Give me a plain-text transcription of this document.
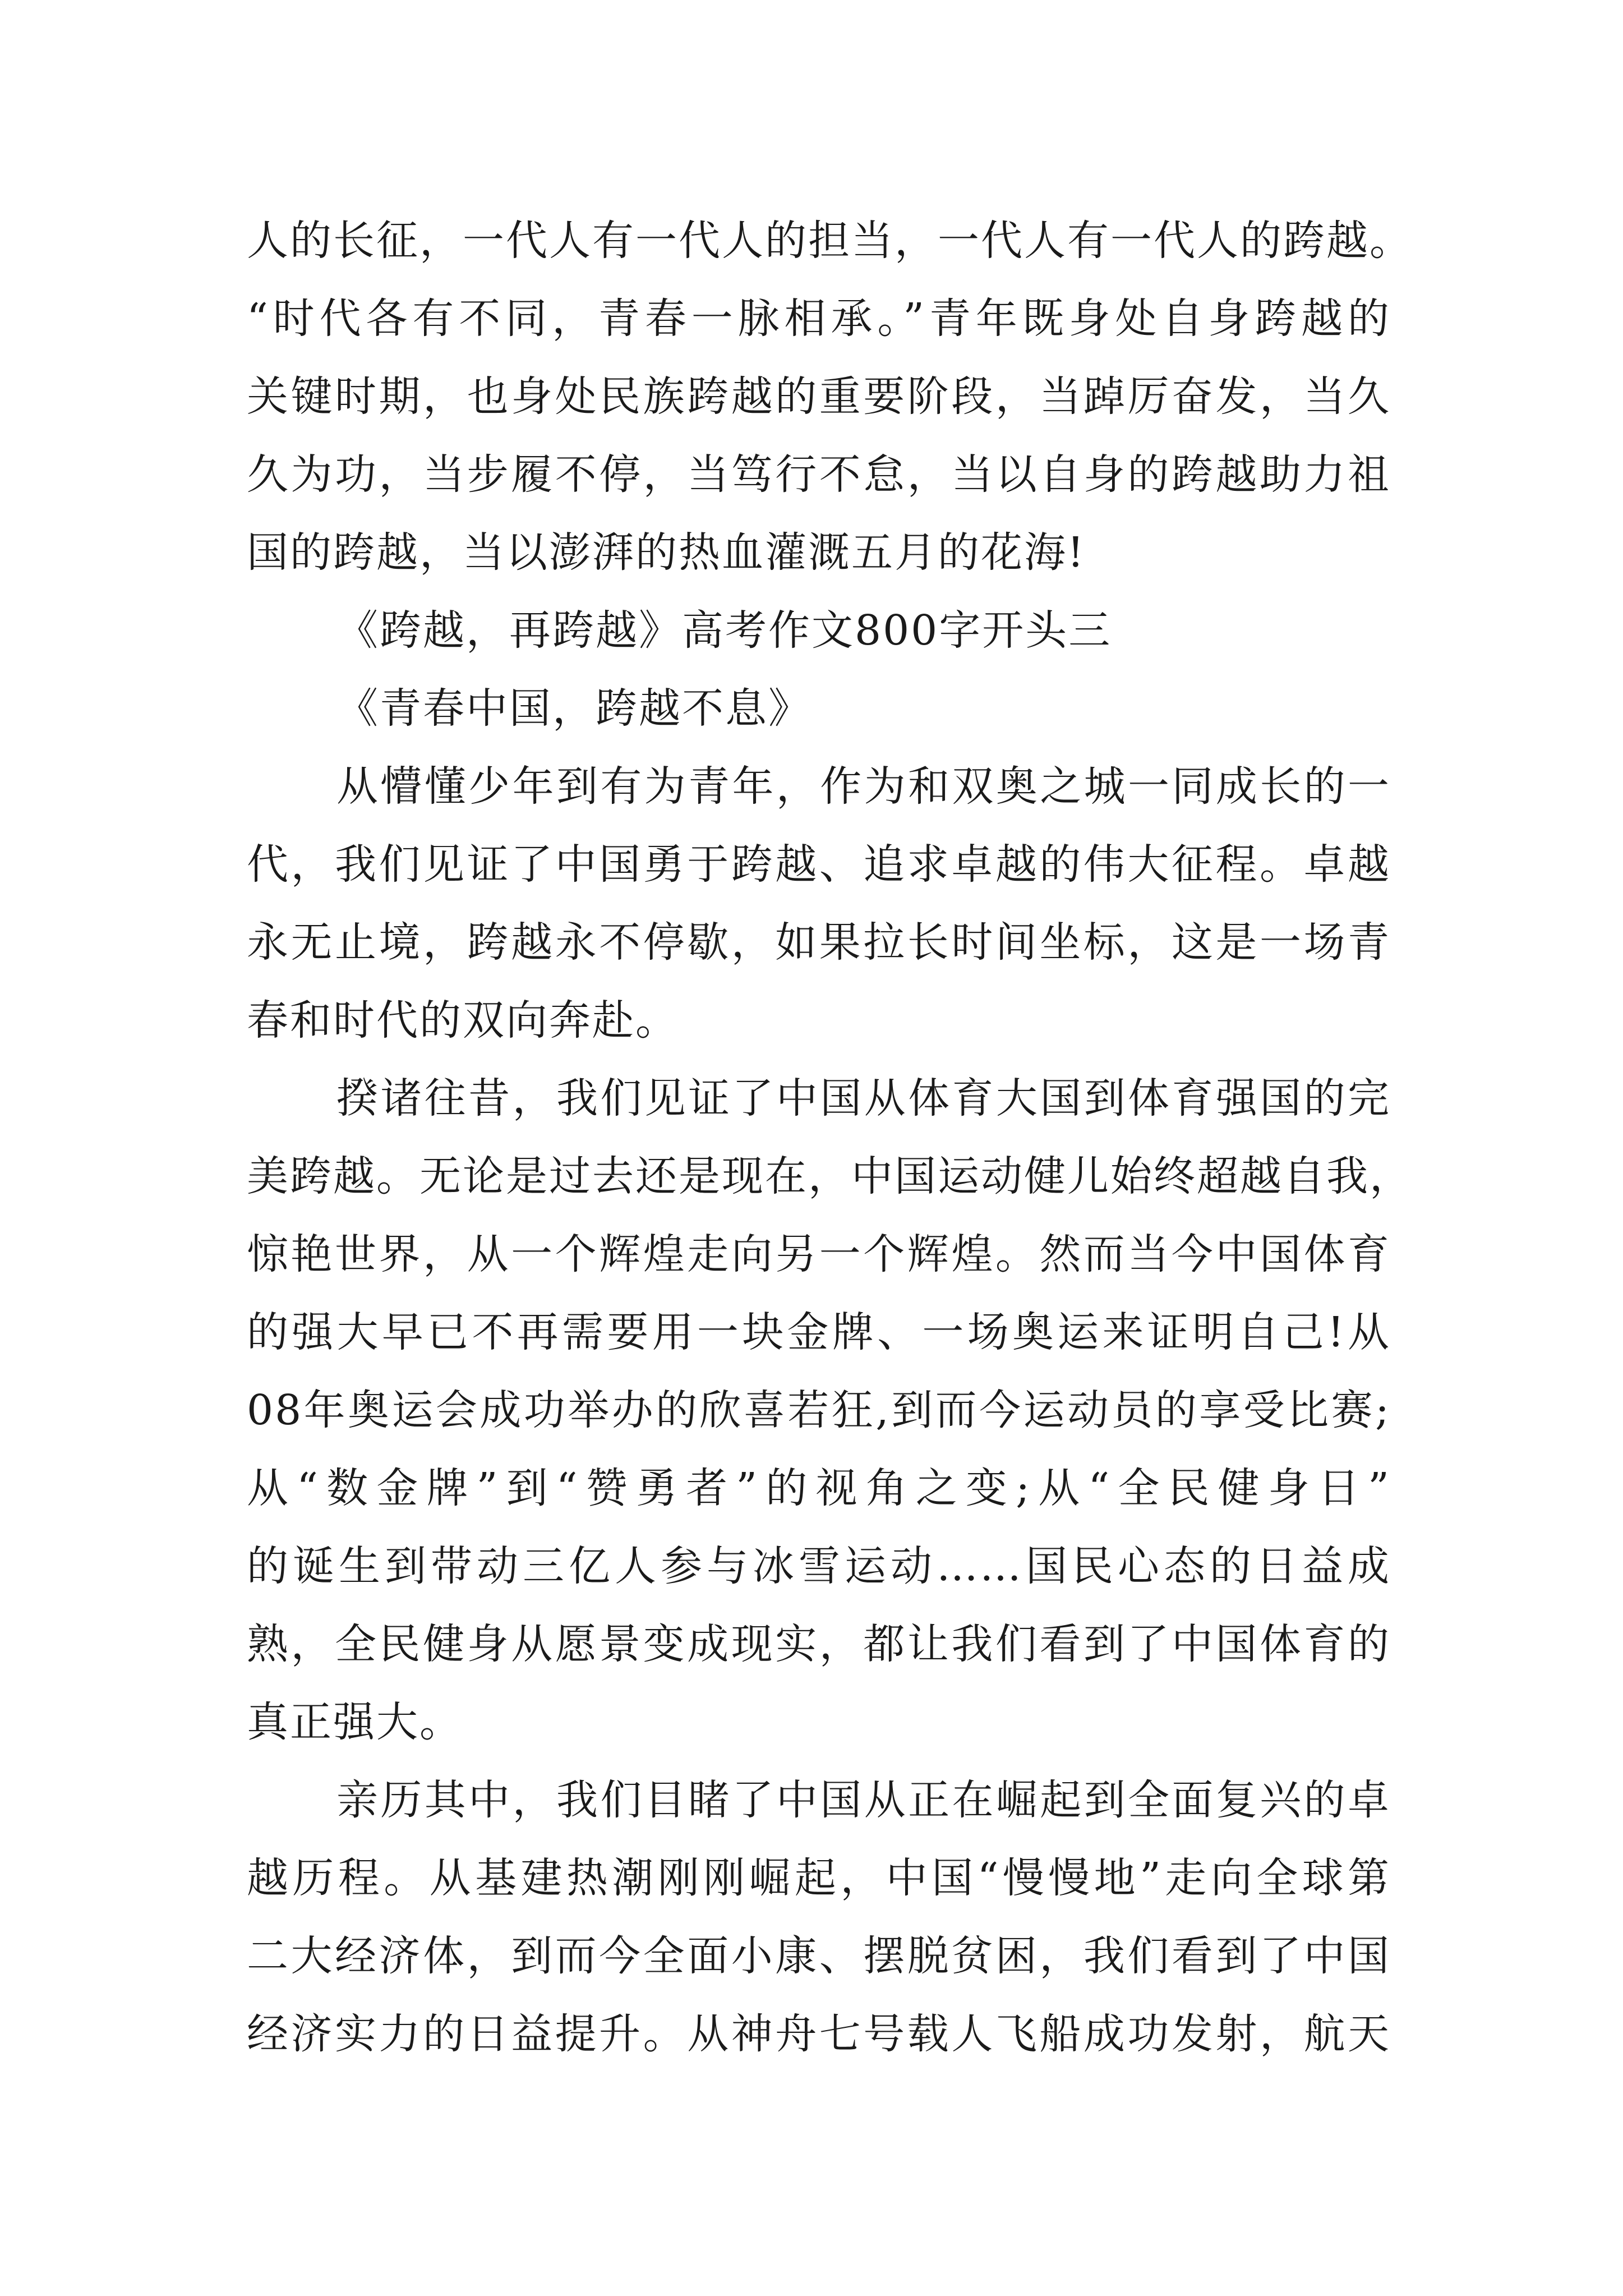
人的长征，一代人有一代人的担当，一代人有一代人的跨越。
“时代各有不同，青春一脉相承。”青年既身处自身跨越的
关键时期，也身处民族跨越的重要阶段，当踔厉奋发，当久
久为功，当步履不停，当笃行不怠，当以自身的跨越助力祖
国的跨越，当以澎湃的热血灌溉五月的花海!
《跨越，再跨越》高考作文800字开头三
《青春中国，跨越不息》
从懵懂少年到有为青年，作为和双奥之城一同成长的一
代，我们见证了中国勇于跨越、追求卓越的伟大征程。卓越
永无止境，跨越永不停歇，如果拉长时间坐标，这是一场青
春和时代的双向奔赴。
揆诸往昔，我们见证了中国从体育大国到体育强国的完
美跨越。无论是过去还是现在，中国运动健儿始终超越自我，
惊艳世界，从一个辉煌走向另一个辉煌。然而当今中国体育
的强大早已不再需要用一块金牌、一场奥运来证明自己!从
08年奥运会成功举办的欣喜若狂,到而今运动员的享受比赛;
从“数金牌”到“赞勇者”的视角之变;从“全民健身日”
的诞生到带动三亿人参与冰雪运动……国民心态的日益成
熟，全民健身从愿景变成现实，都让我们看到了中国体育的
真正强大。
亲历其中，我们目睹了中国从正在崛起到全面复兴的卓
越历程。从基建热潮刚刚崛起，中国“慢慢地”走向全球第
二大经济体，到而今全面小康、摆脱贫困，我们看到了中国
经济实力的日益提升。从神舟七号载人飞船成功发射，航天
